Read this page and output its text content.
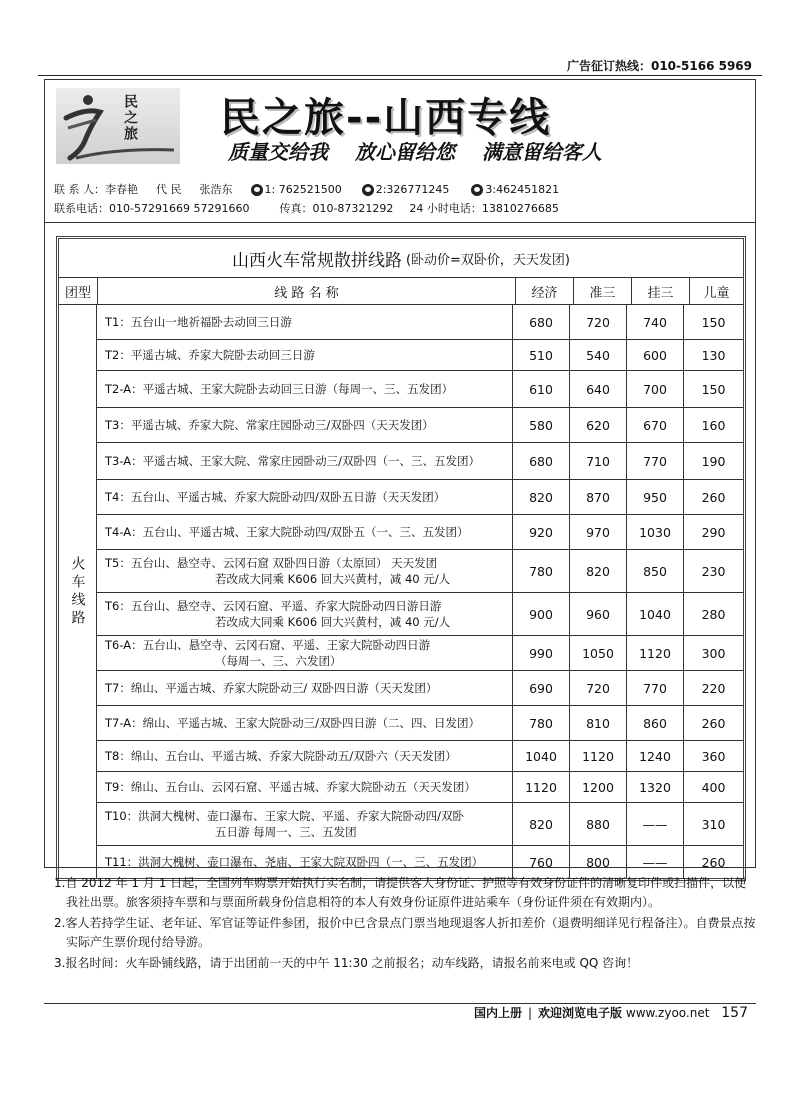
广告征订热线：010-5166 5969
民之旅 民之旅--山西专线
质量交给我 放心留给您 满意留给客人
联 系 人： 李春艳 代 民 张浩东	1: 762521500	2:326771245	3:462451821
联系电话： 010-57291669 57291660	传真：010-87321292 24 小时电话：13810276685
山西火车常规散拼线路 (卧动价=双卧价，天天发团)
团型	线 路 名 称	经济	准三	挂三	儿童
火车线路
T1：五台山一地祈福卧去动回三日游	680	720	740	150
T2：平遥古城、乔家大院卧去动回三日游	510	540	600	130
T2-A：平遥古城、王家大院卧去动回三日游（每周一、三、五发团）	610	640	700	150
T3：平遥古城、乔家大院、常家庄园卧动三/双卧四（天天发团）	580	620	670	160
T3-A：平遥古城、王家大院、常家庄园卧动三/双卧四（一、三、五发团）	680	710	770	190
T4：五台山、平遥古城、乔家大院卧动四/双卧五日游（天天发团）	820	870	950	260
T4-A：五台山、平遥古城、王家大院卧动四/双卧五（一、三、五发团）	920	970	1030	290
T5：五台山、悬空寺、云冈石窟 双卧四日游（太原回） 天天发团
若改成大同乘 K606 回大兴黄村，减 40 元/人
780	820	850	230
T6：五台山、悬空寺、云冈石窟、平遥、乔家大院卧动四日游日游
若改成大同乘 K606 回大兴黄村，减 40 元/人
900	960	1040	280
T6-A：五台山、悬空寺、云冈石窟、平遥、王家大院卧动四日游
（每周一、三、六发团）
990	1050	1120	300
T7：绵山、平遥古城、乔家大院卧动三/ 双卧四日游（天天发团）	690	720	770	220
T7-A：绵山、平遥古城、王家大院卧动三/双卧四日游（二、四、日发团）	780	810	860	260
T8：绵山、五台山、平遥古城、乔家大院卧动五/双卧六（天天发团）	1040	1120	1240	360
T9：绵山、五台山、云冈石窟、平遥古城、乔家大院卧动五（天天发团）	1120	1200	1320	400
T10：洪洞大槐树、壶口瀑布、王家大院、平遥、乔家大院卧动四/双卧
五日游 每周一、三、五发团
820	880	——	310
T11：洪洞大槐树、壶口瀑布、尧庙、王家大院双卧四（一、三、五发团）	760	800	——	260

1.自 2012 年 1 月 1 日起，全国列车购票开始执行实名制，请提供客人身份证、护照等有效身份证件的清晰复印件或扫描件，以便我社出票。旅客须持车票和与票面所载身份信息相符的本人有效身份证原件进站乘车（身份证件须在有效期内）。

2.客人若持学生证、老年证、军官证等证件参团，报价中已含景点门票当地现退客人折扣差价（退费明细详见行程备注）。自费景点按实际产生票价现付给导游。

3.报名时间：火车卧铺线路，请于出团前一天的中午 11:30 之前报名；动车线路，请报名前来电或 QQ 咨询！

国内上册 | 欢迎浏览电子版 www.zyoo.net 157
